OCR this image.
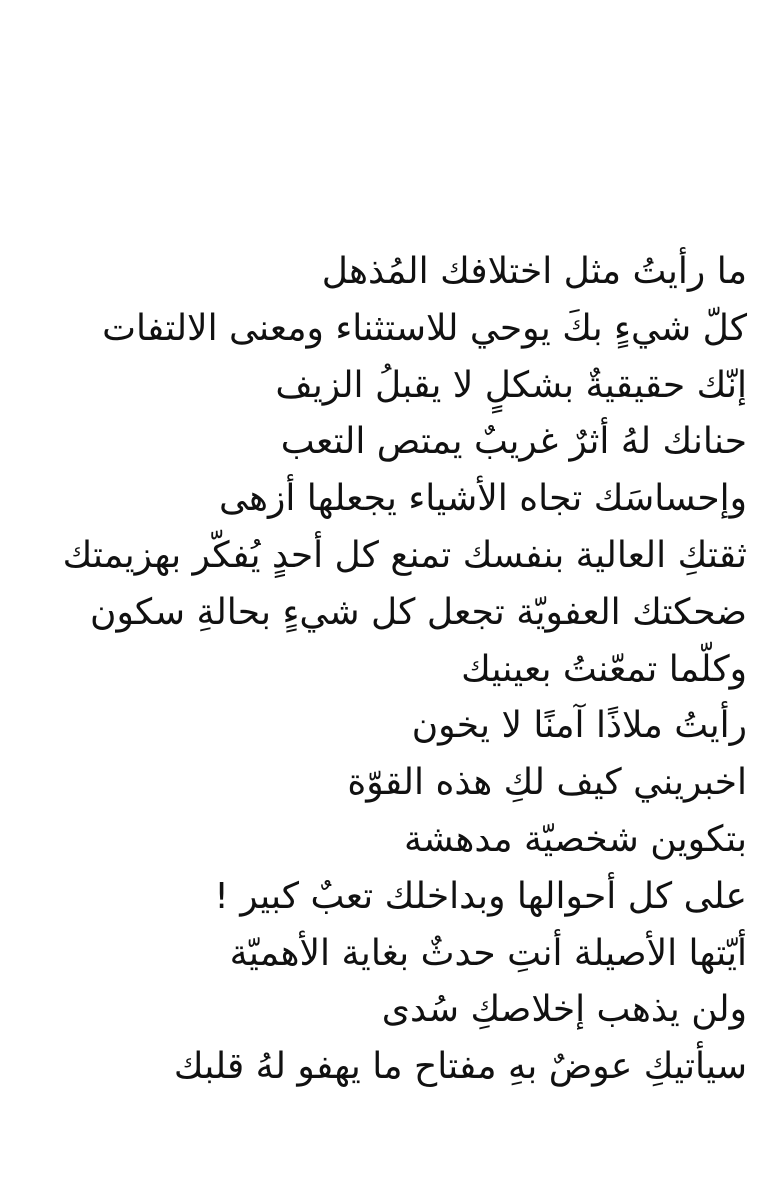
ما رأيتُ مثل اختلافك المُذهل
كلّ شيءٍ بكَ يوحي للاستثناء ومعنى الالتفات
إنّك حقيقيةٌ بشكلٍ لا يقبلُ الزيف
حنانك لهُ أثرٌ غريبٌ يمتص التعب
وإحساسَك تجاه الأشياء يجعلها أزهى
ثقتكِ العالية بنفسك تمنع كل أحدٍ يُفكّر بهزيمتك
ضحكتك العفويّة تجعل كل شيءٍ بحالةِ سكون
وكلّما تمعّنتُ بعينيك
رأيتُ ملاذًا آمنًا لا يخون
اخبريني كيف لكِ هذه القوّة
بتكوين شخصيّة مدهشة
على كل أحوالها وبداخلك تعبٌ كبير !
أيّتها الأصيلة أنتِ حدثٌ بغاية الأهميّة
ولن يذهب إخلاصكِ سُدى
سيأتيكِ عوضٌ بهِ مفتاح ما يهفو لهُ قلبك
